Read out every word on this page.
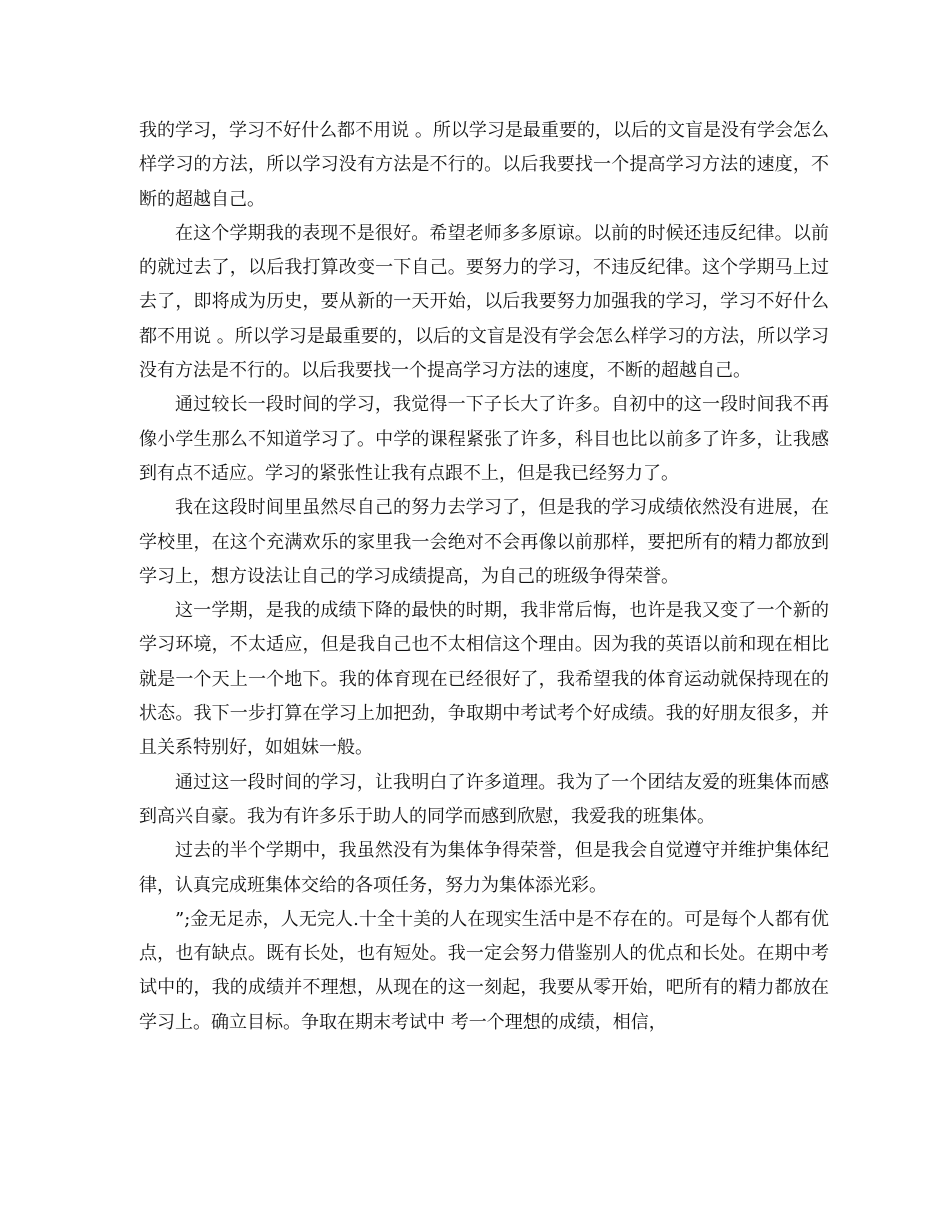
我的学习，学习不好什么都不用说 。所以学习是最重要的，以后的文盲是没有学会怎么样学习的方法，所以学习没有方法是不行的。以后我要找一个提高学习方法的速度，不断的超越自己。

在这个学期我的表现不是很好。希望老师多多原谅。以前的时候还违反纪律。以前的就过去了，以后我打算改变一下自己。要努力的学习，不违反纪律。这个学期马上过去了，即将成为历史，要从新的一天开始，以后我要努力加强我的学习，学习不好什么都不用说 。所以学习是最重要的，以后的文盲是没有学会怎么样学习的方法，所以学习没有方法是不行的。以后我要找一个提高学习方法的速度，不断的超越自己。

通过较长一段时间的学习，我觉得一下子长大了许多。自初中的这一段时间我不再像小学生那么不知道学习了。中学的课程紧张了许多，科目也比以前多了许多，让我感到有点不适应。学习的紧张性让我有点跟不上，但是我已经努力了。

我在这段时间里虽然尽自己的努力去学习了，但是我的学习成绩依然没有进展，在学校里，在这个充满欢乐的家里我一会绝对不会再像以前那样，要把所有的精力都放到学习上，想方设法让自己的学习成绩提高，为自己的班级争得荣誉。

这一学期，是我的成绩下降的最快的时期，我非常后悔，也许是我又变了一个新的学习环境，不太适应，但是我自己也不太相信这个理由。因为我的英语以前和现在相比就是一个天上一个地下。我的体育现在已经很好了，我希望我的体育运动就保持现在的状态。我下一步打算在学习上加把劲，争取期中考试考个好成绩。我的好朋友很多，并且关系特别好，如姐妹一般。

通过这一段时间的学习，让我明白了许多道理。我为了一个团结友爱的班集体而感到高兴自豪。我为有许多乐于助人的同学而感到欣慰，我爱我的班集体。

过去的半个学期中，我虽然没有为集体争得荣誉，但是我会自觉遵守并维护集体纪律，认真完成班集体交给的各项任务，努力为集体添光彩。

”;金无足赤，人无完人.十全十美的人在现实生活中是不存在的。可是每个人都有优点，也有缺点。既有长处，也有短处。我一定会努力借鉴别人的优点和长处。在期中考试中的，我的成绩并不理想，从现在的这一刻起，我要从零开始，吧所有的精力都放在学习上。确立目标。争取在期末考试中 考一个理想的成绩，相信，
